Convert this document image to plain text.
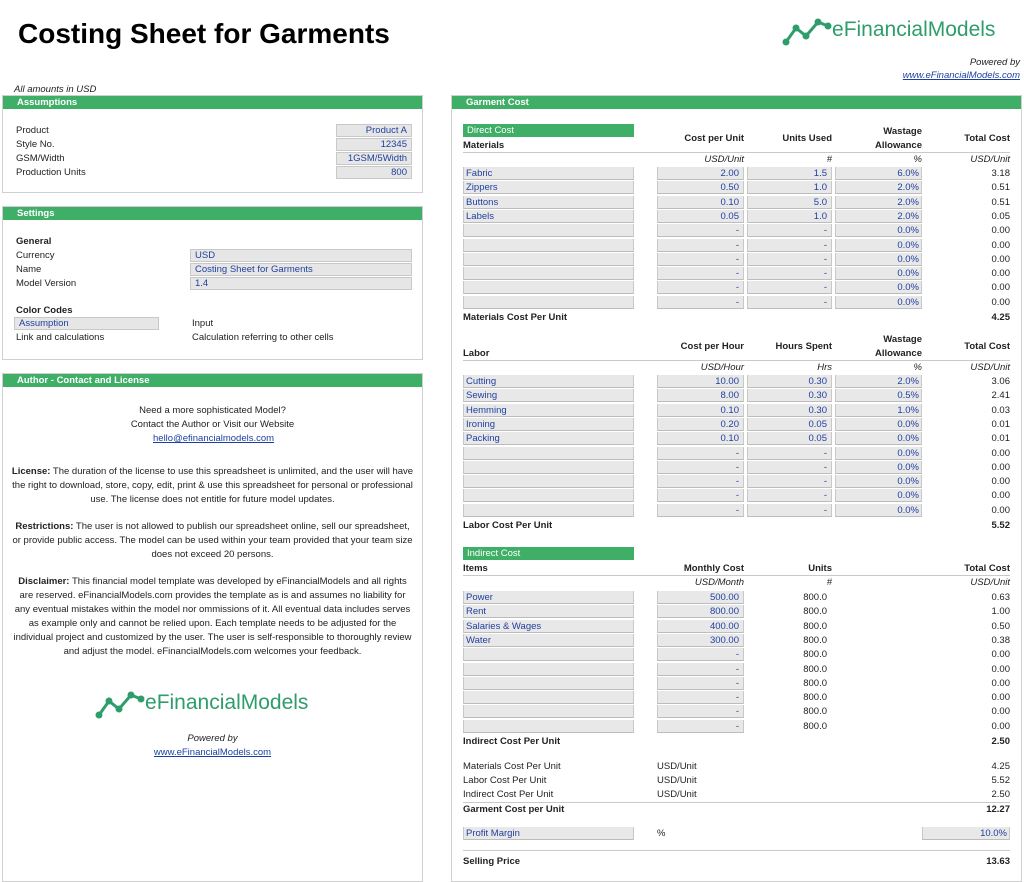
Costing Sheet for Garments	eFinancialModels
Powered by
www.eFinancialModels.com
All amounts in USD
Assumptions
Product	Product A
Style No.	12345
GSM/Width	1GSM/5Width
Production Units	800
Settings
General
Currency	USD
Name	Costing Sheet for Garments
Model Version	1.4
Color Codes
Assumption	Input
Link and calculations	Calculation referring to other cells
Author - Contact and License
Need a more sophisticated Model?
Contact the Author or Visit our Website
hello@efinancialmodels.com
License: The duration of the license to use this spreadsheet is unlimited, and the user will have the right to download, store, copy, edit, print & use this spreadsheet for personal or professional use. The license does not entitle for future model updates.
Restrictions: The user is not allowed to publish our spreadsheet online, sell our spreadsheet, or provide public access. The model can be used within your team provided that your team size does not exceed 20 persons.
Disclaimer: This financial model template was developed by eFinancialModels and all rights are reserved. eFinancialModels.com provides the template as is and assumes no liability for any eventual mistakes within the model nor ommissions of it. All eventual data includes serves as example only and cannot be relied upon. Each template needs to be adjusted for the individual project and customized by the user. The user is self-responsible to thoroughly review and adjust the model. eFinancialModels.com welcomes your feedback.
eFinancialModels
Powered by
www.eFinancialModels.com
Garment Cost
Direct Cost
Materials
Cost per Unit	Units Used
Wastage
Allowance
Total Cost
USD/Unit	#	%	USD/Unit
Fabric	2.00	1.5	6.0%	3.18
Zippers	0.50	1.0	2.0%	0.51
Buttons	0.10	5.0	2.0%	0.51
Labels	0.05	1.0	2.0%	0.05
-	-	0.0%	0.00
-	-	0.0%	0.00
-	-	0.0%	0.00
-	-	0.0%	0.00
-	-	0.0%	0.00
-	-	0.0%	0.00
Materials Cost Per Unit	4.25
Labor
Cost per Hour	Hours Spent
Wastage
Allowance
Total Cost
USD/Hour	Hrs	%	USD/Unit
Cutting	10.00	0.30	2.0%	3.06
Sewing	8.00	0.30	0.5%	2.41
Hemming	0.10	0.30	1.0%	0.03
Ironing	0.20	0.05	0.0%	0.01
Packing	0.10	0.05	0.0%	0.01
-	-	0.0%	0.00
-	-	0.0%	0.00
-	-	0.0%	0.00
-	-	0.0%	0.00
-	-	0.0%	0.00
Labor Cost Per Unit	5.52
Indirect Cost
Items	Monthly Cost	Units	Total Cost
USD/Month	#	USD/Unit
Power	500.00	800.0	0.63
Rent	800.00	800.0	1.00
Salaries & Wages	400.00	800.0	0.50
Water	300.00	800.0	0.38
-	800.0	0.00
-	800.0	0.00
-	800.0	0.00
-	800.0	0.00
-	800.0	0.00
-	800.0	0.00
Indirect Cost Per Unit	2.50
Materials Cost Per Unit	USD/Unit	4.25
Labor Cost Per Unit	USD/Unit	5.52
Indirect Cost Per Unit	USD/Unit	2.50
Garment Cost per Unit	12.27
Profit Margin	%	10.0%
Selling Price	13.63
